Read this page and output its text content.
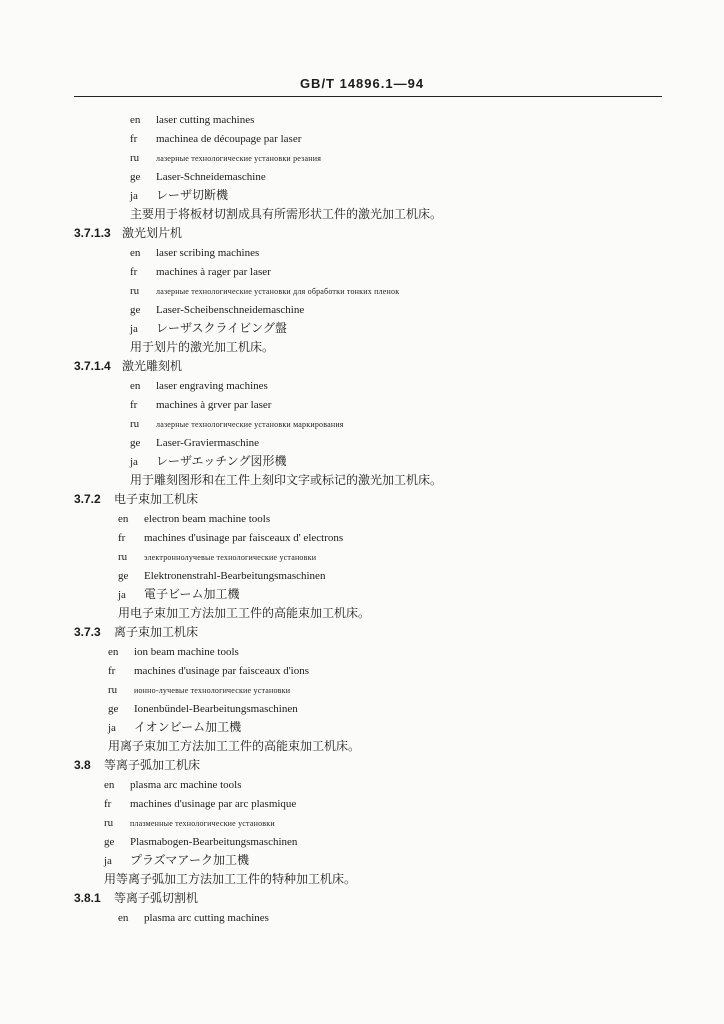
GB/T 14896.1—94
en laser cutting machines
fr machinea de découpage par laser
ru лазерные технологические установки резания
ge Laser-Schneidemaschine
ja レーザ切断機
主要用于将板材切割成具有所需形状工件的激光加工机床。
3.7.1.3 激光划片机
en laser scribing machines
fr machines à rager par laser
ru лазерные технологические установки для обработки тонких пленок
ge Laser-Scheibenschneidemaschine
ja レーザスクライビング盤
用于划片的激光加工机床。
3.7.1.4 激光雕刻机
en laser engraving machines
fr machines à grver par laser
ru лазерные технологические установки маркирования
ge Laser-Graviermaschine
ja レーザエッチング図形機
用于雕刻图形和在工件上刻印文字或标记的激光加工机床。
3.7.2 电子束加工机床
en electron beam machine tools
fr machines d'usinage par faisceaux d' electrons
ru электроннолучевые технологические установки
ge Elektronenstrahl-Bearbeitungsmaschinen
ja 電子ビーム加工機
用电子束加工方法加工工件的高能束加工机床。
3.7.3 离子束加工机床
en ion beam machine tools
fr machines d'usinage par faisceaux d'ions
ru ионно-лучевые технологические установки
ge Ionenbündel-Bearbeitungsmaschinen
ja イオンビーム加工機
用离子束加工方法加工工件的高能束加工机床。
3.8 等离子弧加工机床
en plasma arc machine tools
fr machines d'usinage par arc plasmique
ru плазменные технологические установки
ge Plasmabogen-Bearbeitungsmaschinen
ja プラズマアーク加工機
用等离子弧加工方法加工工件的特种加工机床。
3.8.1 等离子弧切割机
en plasma arc cutting machines
